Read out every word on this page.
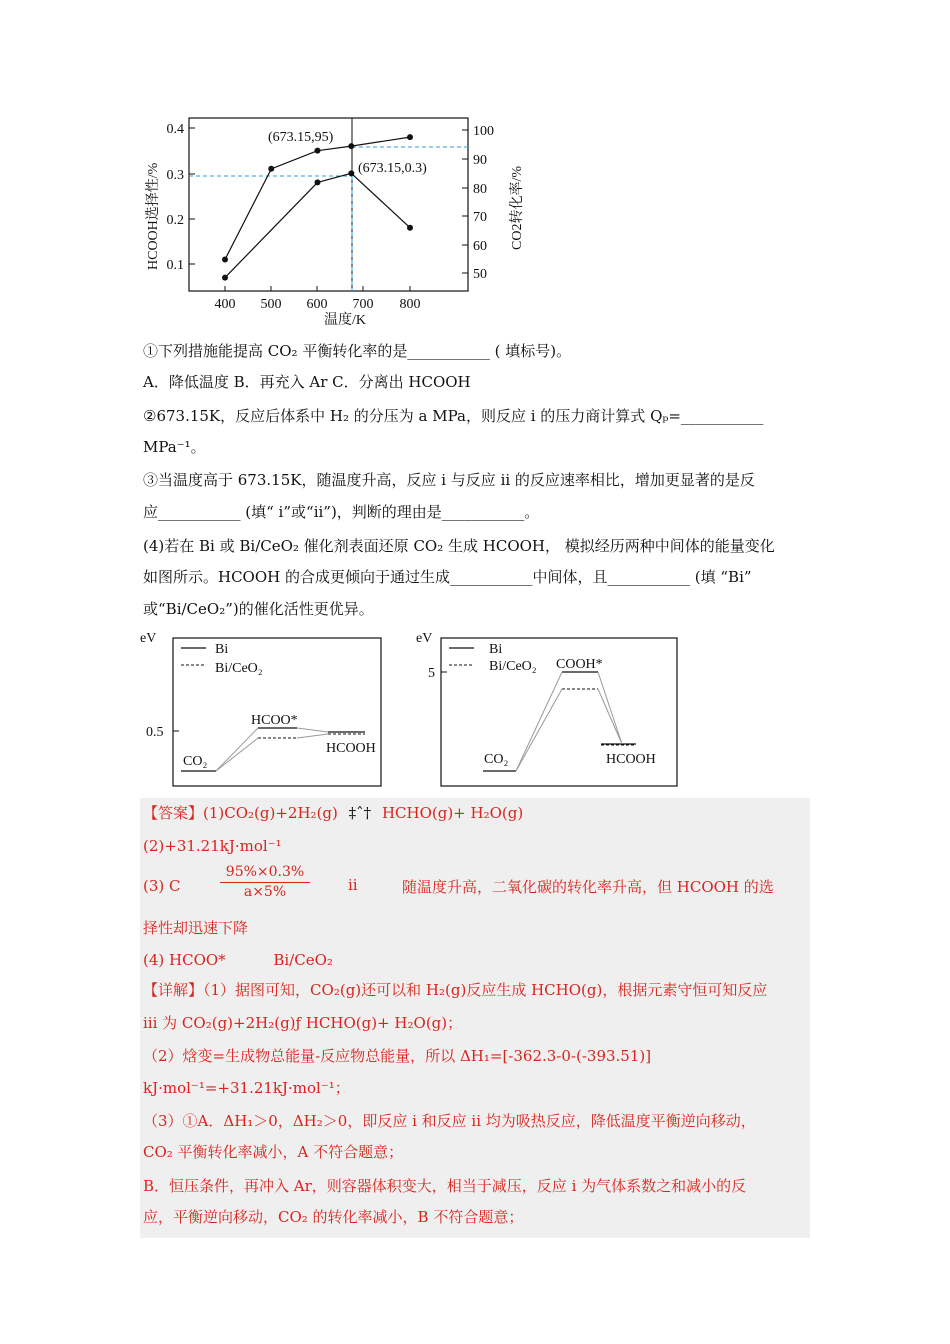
0.4
0.3
0.2
0.1
100
90
80
70
60
50
400 500 600 700 800
温度/K
(673.15,95)
(673.15,0.3)
HCOOH选择性/%	CO2转化率/%
①下列措施能提高 CO₂ 平衡转化率的是___________ ( 填标号)。
A．降低温度 B．再充入 Ar C．分离出 HCOOH
②673.15K，反应后体系中 H₂ 的分压为 a MPa，则反应 i 的压力商计算式 Qₚ=___________
MPa⁻¹。
③当温度高于 673.15K，随温度升高，反应 i 与反应 ii 的反应速率相比，增加更显著的是反
应___________ (填“ i”或“ii”)，判断的理由是___________。
(4)若在 Bi 或 Bi/CeO₂ 催化剂表面还原 CO₂ 生成 HCOOH， 模拟经历两种中间体的能量变化
如图所示。HCOOH 的合成更倾向于通过生成___________中间体，且___________ (填 “Bi”
或“Bi/CeO₂”)的催化活性更优异。
eV
0.5
Bi
Bi/CeO₂
CO₂
HCOO*
HCOOH
eV
5
Bi
Bi/CeO₂
CO₂
COOH*
HCOOH
【答案】(1)CO₂(g)+2H₂(g) ‡ˆ† HCHO(g)+ H₂O(g)
(2)+31.21kJ·mol⁻¹
(3) C	$\frac{95\%\times 0.3\%}{a\times 5\%}$	ii	随温度升高，二氧化碳的转化率升高，但 HCOOH 的选
择性却迅速下降
(4) HCOO*          Bi/CeO₂
【详解】（1）据图可知，CO₂(g)还可以和 H₂(g)反应生成 HCHO(g)，根据元素守恒可知反应
iii 为 CO₂(g)+2H₂(g)ƒ HCHO(g)+ H₂O(g)；
（2）焓变=生成物总能量-反应物总能量，所以 ΔH₁=[-362.3-0-(-393.51)]
kJ·mol⁻¹=+31.21kJ·mol⁻¹；
（3）①A．ΔH₁＞0，ΔH₂＞0，即反应 i 和反应 ii 均为吸热反应，降低温度平衡逆向移动，
CO₂ 平衡转化率减小，A 不符合题意；
B．恒压条件，再冲入 Ar，则容器体积变大，相当于减压，反应 i 为气体系数之和减小的反
应，平衡逆向移动，CO₂ 的转化率减小，B 不符合题意；
